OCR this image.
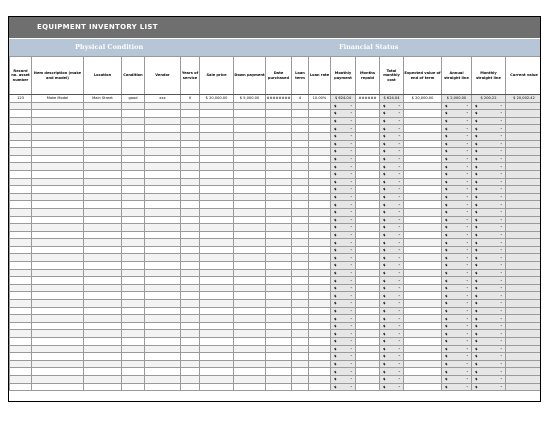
EQUIPMENT INVENTORY LIST
Physical Condition	Financial Status
Record no. asset number	Item description (make and model)	Location	Condition	Vendor	Years of service	Sale price	Down payment	Date purchased	Loan term	Loan rate	Monthly payment	Months repaid	Total monthly cost	Expected value of end of term	Annual straight line	Monthly straight line	Current value
123	Make Model	Main Street	good	xxx	0	$ 20,000.00	$ 5,000.00	########	4	10.00%	$ 624.04	######	$ 624.04	$ 20,000.00	$ 2,000.00	$ 200.22	$ 20,002.42

											$ -		$ -		$ -	$ -	

											$ -		$ -		$ -	$ -	

											$ -		$ -		$ -	$ -	

											$ -		$ -		$ -	$ -	

											$ -		$ -		$ -	$ -	

											$ -		$ -		$ -	$ -	

											$ -		$ -		$ -	$ -	

											$ -		$ -		$ -	$ -	

											$ -		$ -		$ -	$ -	

											$ -		$ -		$ -	$ -	

											$ -		$ -		$ -	$ -	

											$ -		$ -		$ -	$ -	

											$ -		$ -		$ -	$ -	

											$ -		$ -		$ -	$ -	

											$ -		$ -		$ -	$ -	

											$ -		$ -		$ -	$ -	

											$ -		$ -		$ -	$ -	

											$ -		$ -		$ -	$ -	

											$ -		$ -		$ -	$ -	

											$ -		$ -		$ -	$ -	

											$ -		$ -		$ -	$ -	

											$ -		$ -		$ -	$ -	

											$ -		$ -		$ -	$ -	

											$ -		$ -		$ -	$ -	

											$ -		$ -		$ -	$ -	

											$ -		$ -		$ -	$ -	

											$ -		$ -		$ -	$ -	

											$ -		$ -		$ -	$ -	

											$ -		$ -		$ -	$ -	

											$ -		$ -		$ -	$ -	

											$ -		$ -		$ -	$ -	

											$ -		$ -		$ -	$ -	

											$ -		$ -		$ -	$ -	

											$ -		$ -		$ -	$ -	

											$ -		$ -		$ -	$ -	

											$ -		$ -		$ -	$ -	

											$ -		$ -		$ -	$ -	

											$ -		$ -		$ -	$ -	
